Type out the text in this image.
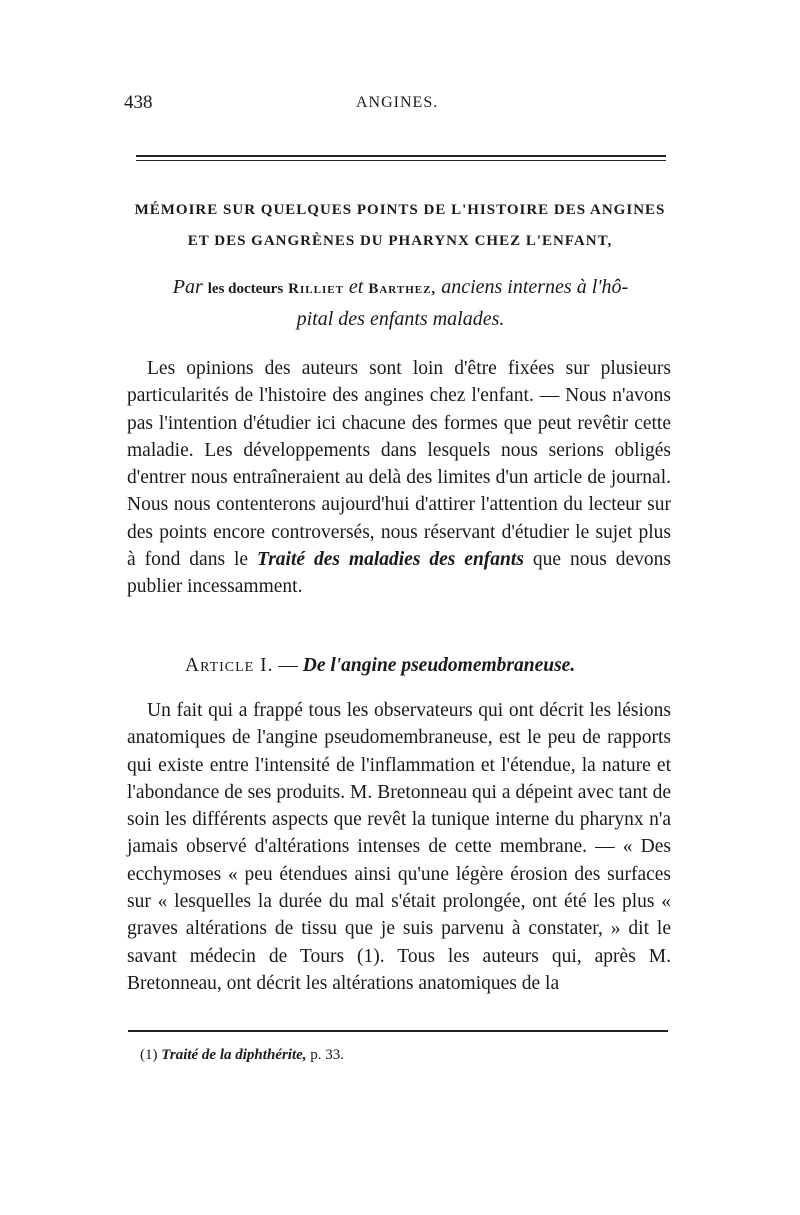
438	ANGINES.
MÉMOIRE SUR QUELQUES POINTS DE L'HISTOIRE DES ANGINES
ET DES GANGRÈNES DU PHARYNX CHEZ L'ENFANT,
Par les docteurs Rilliet et Barthez, anciens internes à l'hô-
pital des enfants malades.
Les opinions des auteurs sont loin d'être fixées sur plusieurs particularités de l'histoire des angines chez l'enfant. — Nous n'avons pas l'intention d'étudier ici chacune des formes que peut revêtir cette maladie. Les développements dans lesquels nous serions obligés d'entrer nous entraîneraient au delà des limites d'un article de journal. Nous nous contenterons aujourd'hui d'attirer l'attention du lecteur sur des points encore controversés, nous réservant d'étudier le sujet plus à fond dans le Traité des maladies des enfants que nous devons publier incessamment.
Article I. — De l'angine pseudomembraneuse.
Un fait qui a frappé tous les observateurs qui ont décrit les lésions anatomiques de l'angine pseudomembraneuse, est le peu de rapports qui existe entre l'intensité de l'inflammation et l'étendue, la nature et l'abondance de ses produits. M. Bretonneau qui a dépeint avec tant de soin les différents aspects que revêt la tunique interne du pharynx n'a jamais observé d'altérations intenses de cette membrane. — « Des ecchymoses « peu étendues ainsi qu'une légère érosion des surfaces sur « lesquelles la durée du mal s'était prolongée, ont été les plus « graves altérations de tissu que je suis parvenu à constater, » dit le savant médecin de Tours (1). Tous les auteurs qui, après M. Bretonneau, ont décrit les altérations anatomiques de la
(1) Traité de la diphthérite, p. 33.
